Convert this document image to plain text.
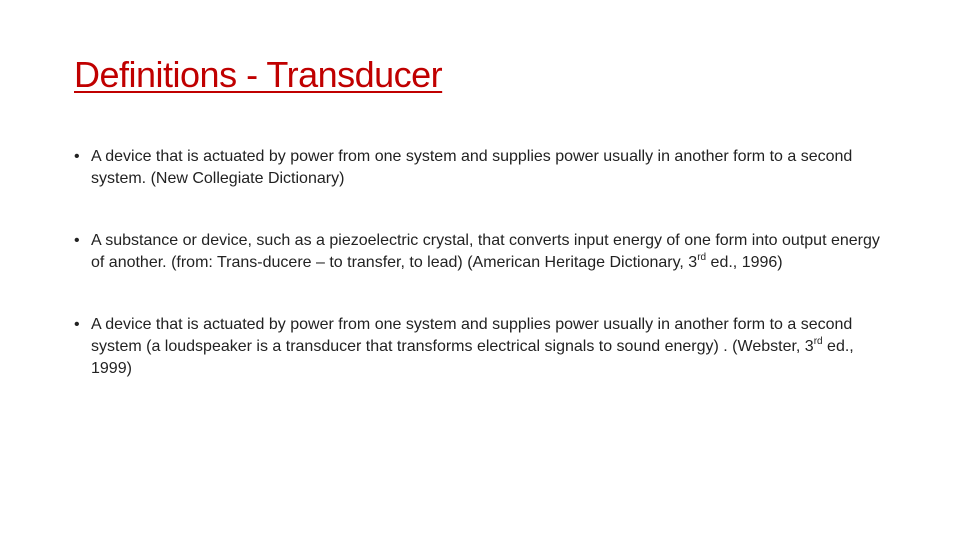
Definitions - Transducer
• A device that is actuated by power from one system and supplies power usually in another form to a second system. (New Collegiate Dictionary)
• A substance or device, such as a piezoelectric crystal, that converts input energy of one form into output energy of another. (from: Trans-ducere – to transfer, to lead) (American Heritage Dictionary, 3rd ed., 1996)
• A device that is actuated by power from one system and supplies power usually in another form to a second system (a loudspeaker is a transducer that transforms electrical signals to sound energy) . (Webster, 3rd ed., 1999)
